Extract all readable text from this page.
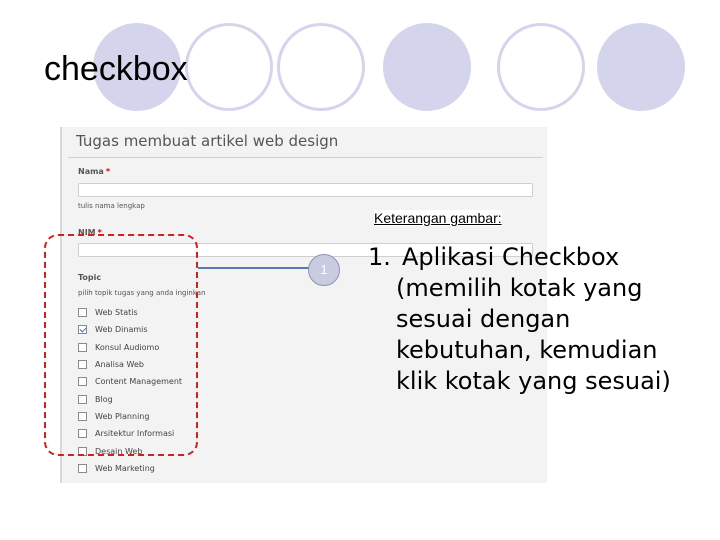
checkbox
Tugas membuat artikel web design
Nama *
tulis nama lengkap
NIM *
Topic
pilih topik tugas yang anda inginkan
Web Statis
Web Dinamis
Konsul Audiomo
Analisa Web
Content Management
Blog
Web Planning
Arsitektur Informasi
Desain Web
Web Marketing
1
Keterangan gambar:
1. Aplikasi Checkbox
(memilih kotak yang
sesuai dengan
kebutuhan, kemudian
klik kotak yang sesuai)
